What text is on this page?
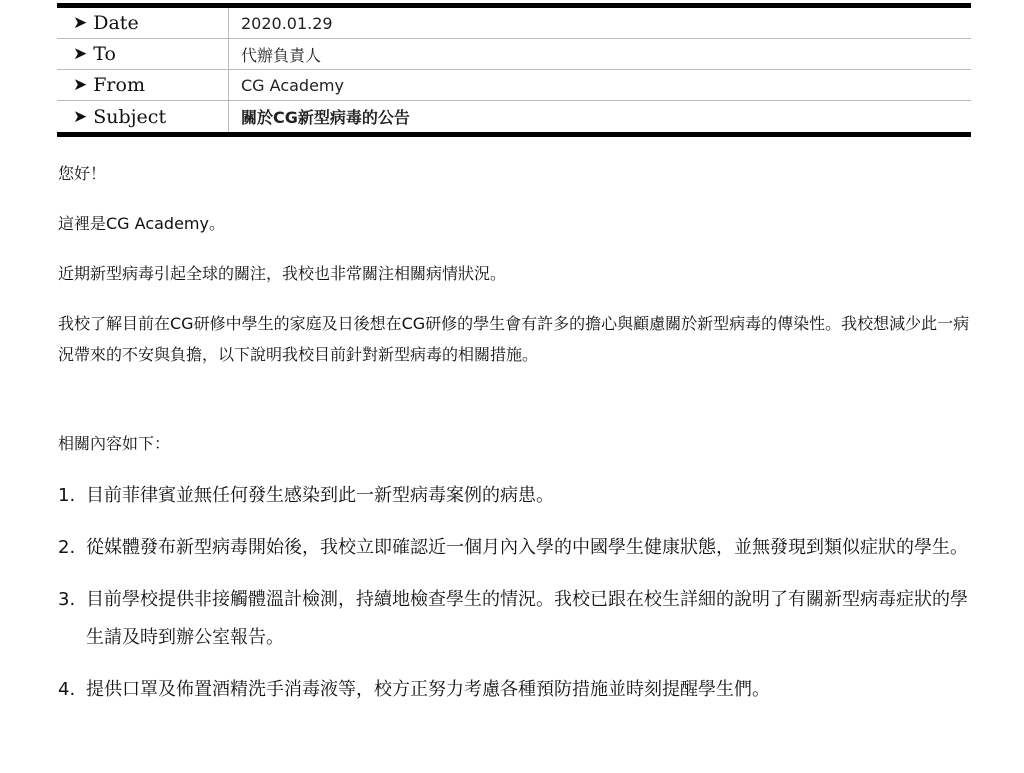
➤ Date	2020.01.29
➤ To	代辦負責人
➤ From	CG Academy
➤ Subject	關於CG新型病毒的公告

您好！

這裡是CG Academy。

近期新型病毒引起全球的關注，我校也非常關注相關病情狀況。

我校了解目前在CG研修中學生的家庭及日後想在CG研修的學生會有許多的擔心與顧慮關於新型病毒的傳染性。我校想減少此一病況帶來的不安與負擔，以下說明我校目前針對新型病毒的相關措施。

相關內容如下：

1. 目前菲律賓並無任何發生感染到此一新型病毒案例的病患。
2. 從媒體發布新型病毒開始後，我校立即確認近一個月內入學的中國學生健康狀態，並無發現到類似症狀的學生。
3. 目前學校提供非接觸體溫計檢測，持續地檢查學生的情況。我校已跟在校生詳細的說明了有關新型病毒症狀的學生請及時到辦公室報告。
4. 提供口罩及佈置酒精洗手消毒液等，校方正努力考慮各種預防措施並時刻提醒學生們。
